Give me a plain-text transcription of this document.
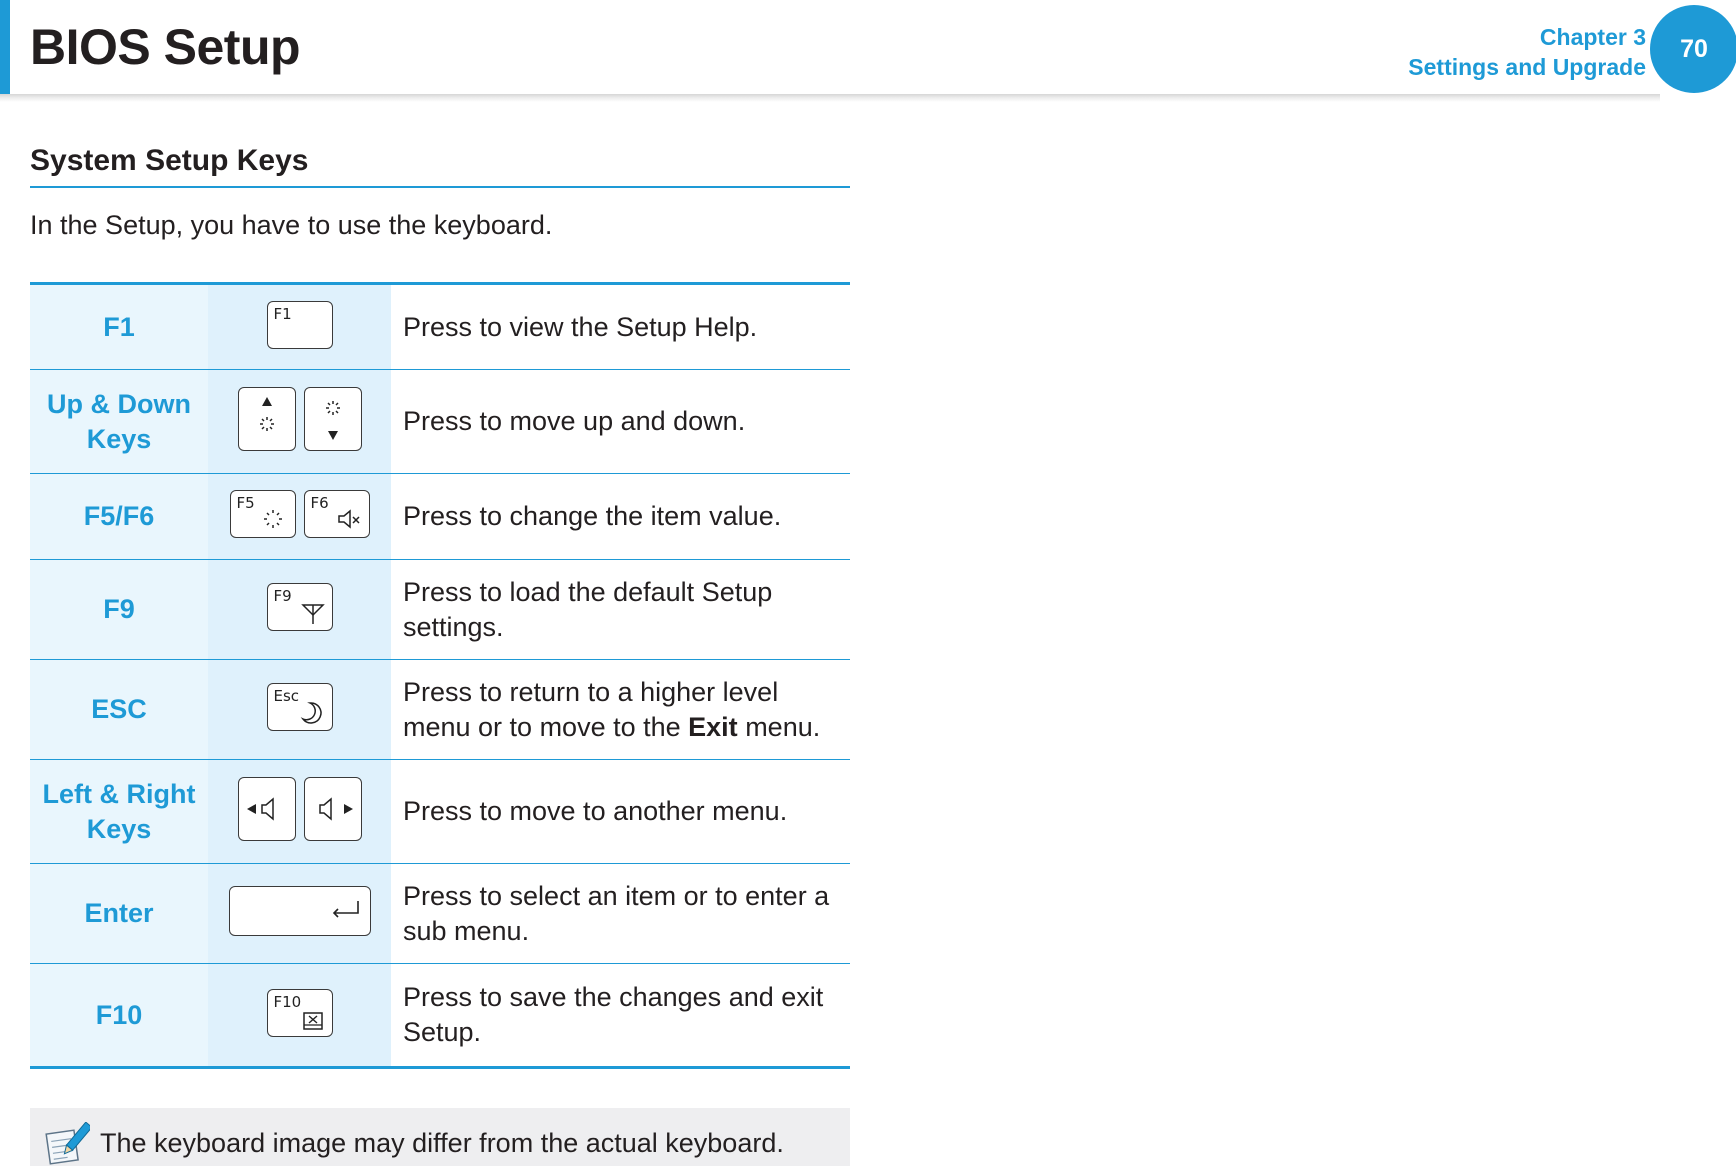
BIOS Setup	Chapter 3
Settings and Upgrade
70
System Setup Keys
In the Setup, you have to use the keyboard.
F1	F1	Press to view the Setup Help.
Up & Down Keys		Press to move up and down.
F5/F6	F5 F6	Press to change the item value.
F9	F9	Press to load the default Setup settings.
ESC	Esc	Press to return to a higher level menu or to move to the Exit menu.
Left & Right Keys		Press to move to another menu.
Enter		Press to select an item or to enter a sub menu.
F10	F10	Press to save the changes and exit Setup.
The keyboard image may differ from the actual keyboard.
